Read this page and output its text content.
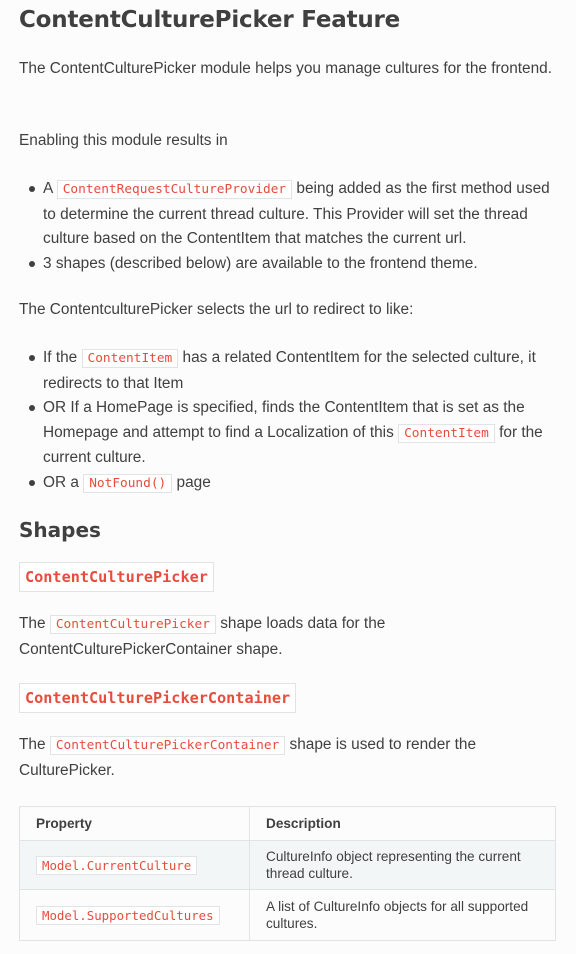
ContentCulturePicker Feature

The ContentCulturePicker module helps you manage cultures for the frontend.

Enabling this module results in

A ContentRequestCultureProvider being added as the first method used to determine the current thread culture. This Provider will set the thread culture based on the ContentItem that matches the current url.
3 shapes (described below) are available to the frontend theme.

The ContentculturePicker selects the url to redirect to like:

If the ContentItem has a related ContentItem for the selected culture, it redirects to that Item
OR If a HomePage is specified, finds the ContentItem that is set as the Homepage and attempt to find a Localization of this ContentItem for the current culture.
OR a NotFound() page
Shapes
ContentCulturePicker

The ContentCulturePicker shape loads data for the ContentCulturePickerContainer shape.

ContentCulturePickerContainer

The ContentCulturePickerContainer shape is used to render the CulturePicker.

Property	Description
Model.CurrentCulture	CultureInfo object representing the current thread culture.
Model.SupportedCultures	A list of CultureInfo objects for all supported cultures.
